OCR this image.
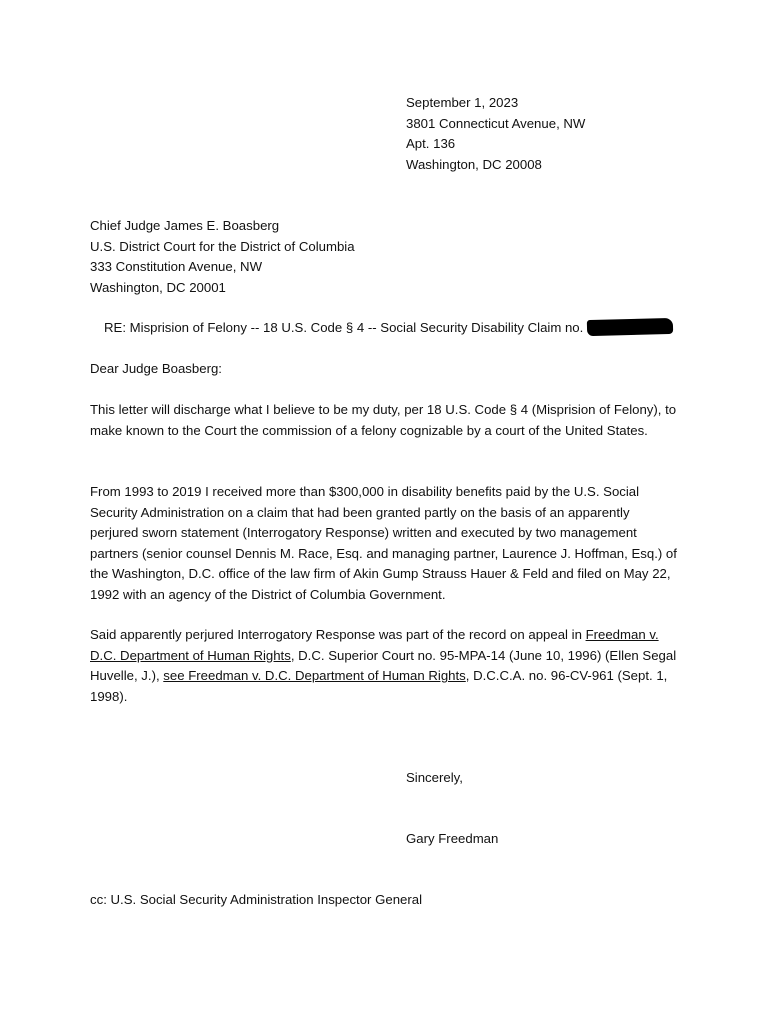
September 1, 2023
3801 Connecticut Avenue, NW
Apt. 136
Washington, DC 20008
Chief Judge James E. Boasberg
U.S. District Court for the District of Columbia
333 Constitution Avenue, NW
Washington, DC 20001
RE: Misprision of Felony -- 18 U.S. Code § 4 -- Social Security Disability Claim no.
Dear Judge Boasberg:

This letter will discharge what I believe to be my duty, per 18 U.S. Code § 4 (Misprision of Felony), to make known to the Court the commission of a felony cognizable by a court of the United States.

From 1993 to 2019 I received more than $300,000 in disability benefits paid by the U.S. Social Security Administration on a claim that had been granted partly on the basis of an apparently perjured sworn statement (Interrogatory Response) written and executed by two management partners (senior counsel Dennis M. Race, Esq. and managing partner, Laurence J. Hoffman, Esq.) of the Washington, D.C. office of the law firm of Akin Gump Strauss Hauer & Feld and filed on May 22, 1992 with an agency of the District of Columbia Government.

Said apparently perjured Interrogatory Response was part of the record on appeal in Freedman v. D.C. Department of Human Rights, D.C. Superior Court no. 95-MPA-14 (June 10, 1996) (Ellen Segal Huvelle, J.), see Freedman v. D.C. Department of Human Rights, D.C.C.A. no. 96-CV-961 (Sept. 1, 1998).

Sincerely,
Gary Freedman
cc: U.S. Social Security Administration Inspector General
